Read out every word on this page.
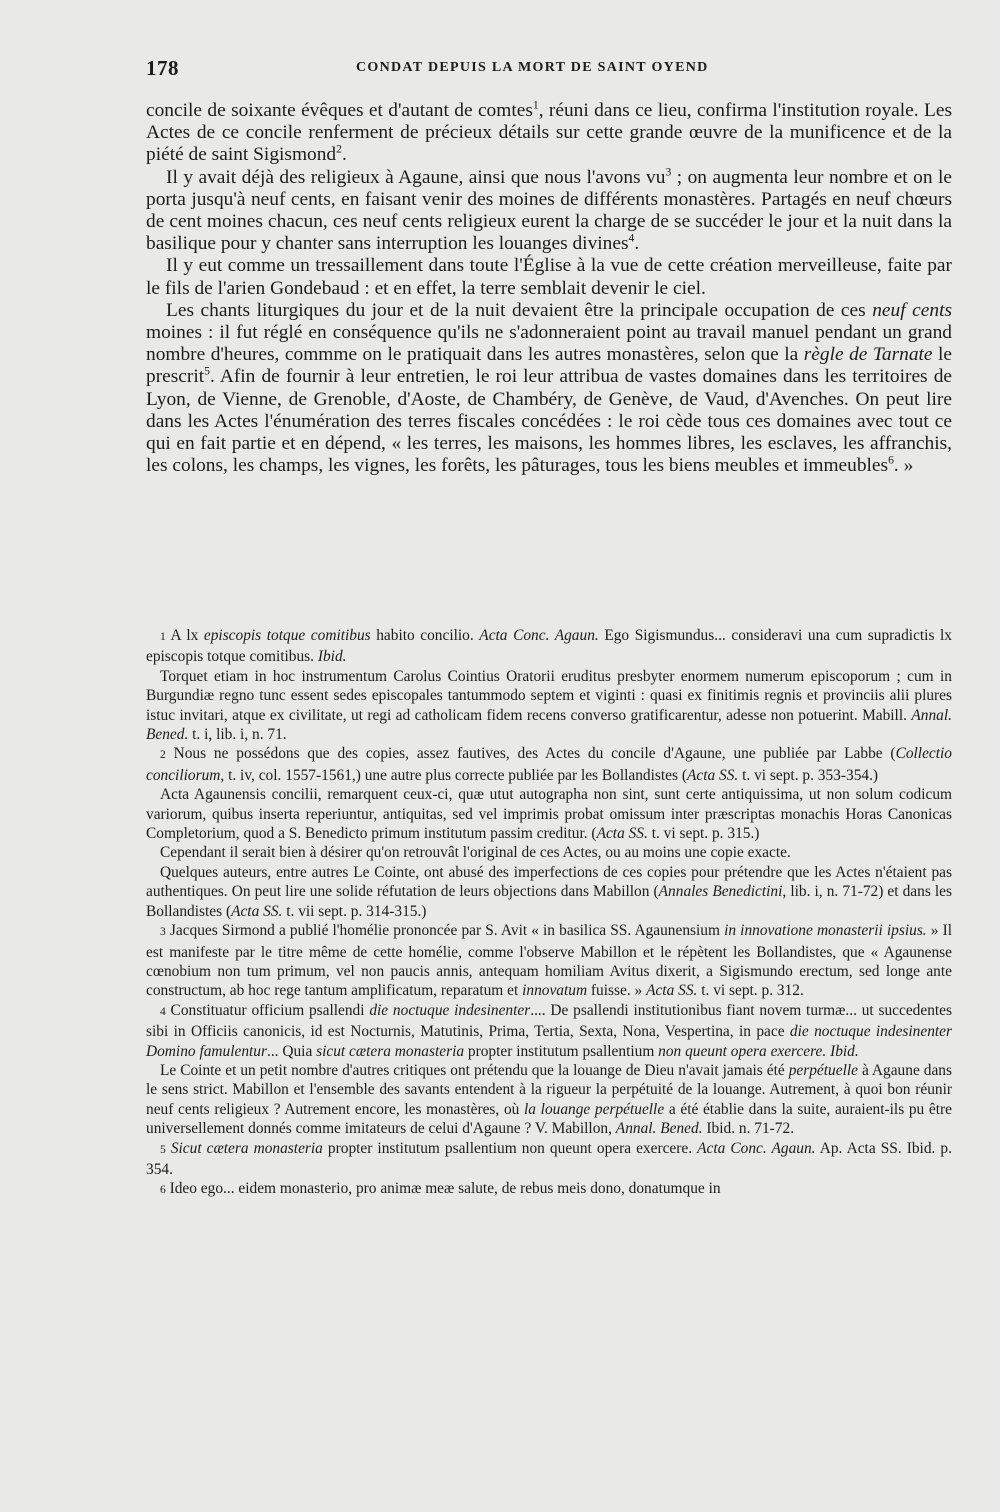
178	CONDAT DEPUIS LA MORT DE SAINT OYEND

concile de soixante évêques et d'autant de comtes$^1$, réuni dans ce lieu, confirma l'institution royale. Les Actes de ce concile renferment de précieux détails sur cette grande œuvre de la munificence et de la piété de saint Sigismond$^2$.

Il y avait déjà des religieux à Agaune, ainsi que nous l'avons $vu^3$ ; on augmenta leur nombre et on le porta jusqu'à neuf cents, en faisant venir des moines de différents monastères. Partagés en neuf chœurs de cent moines chacun, ces neuf cents religieux eurent la charge de se succéder le jour et la nuit dans la basilique pour y chanter sans interruption les louanges divines$^4$.

Il y eut comme un tressaillement dans toute l'Église à la vue de cette création merveilleuse, faite par le fils de l'arien Gondebaud : et en effet, la terre semblait devenir le ciel.

Les chants liturgiques du jour et de la nuit devaient être la principale occupation de ces neuf cents moines : il fut réglé en conséquence qu'ils ne s'adonneraient point au travail manuel pendant un grand nombre d'heures, commme on le pratiquait dans les autres monastères, selon que la règle de Tarnate le prescrit$^5$. Afin de fournir à leur entretien, le roi leur attribua de vastes domaines dans les territoires de Lyon, de Vienne, de Grenoble, d'Aoste, de Chambéry, de Genève, de Vaud, d'Avenches. On peut lire dans les Actes l'énumération des terres fiscales concédées : le roi cède tous ces domaines avec tout ce qui en fait partie et en dépend, « les terres, les maisons, les hommes libres, les esclaves, les affranchis, les colons, les champs, les vignes, les forêts, les pâturages, tous les biens meubles et immeubles$^6$. »

1 A lx episcopis totque comitibus habito concilio. Acta Conc. Agaun. Ego Sigismundus... consideravi una cum supradictis lx episcopis totque comitibus. Ibid.

Torquet etiam in hoc instrumentum Carolus Cointius Oratorii eruditus presbyter enormem numerum episcoporum ; cum in Burgundiæ regno tunc essent sedes episcopales tantummodo septem et viginti : quasi ex finitimis regnis et provinciis alii plures istuc invitari, atque ex civilitate, ut regi ad catholicam fidem recens converso gratificarentur, adesse non potuerint. Mabill. Annal. Bened. t. i, lib. i, n. 71.

2 Nous ne possédons que des copies, assez fautives, des Actes du concile d'Agaune, une publiée par Labbe (Collectio conciliorum, t. iv, col. 1557-1561,) une autre plus correcte publiée par les Bollandistes (Acta SS. t. vi sept. p. 353-354.)

Acta Agaunensis concilii, remarquent ceux-ci, quæ utut autographa non sint, sunt certe antiquissima, ut non solum codicum variorum, quibus inserta reperiuntur, antiquitas, sed vel imprimis probat omissum inter præscriptas monachis Horas Canonicas Completorium, quod a S. Benedicto primum institutum passim creditur. (Acta SS. t. vi sept. p. 315.)

Cependant il serait bien à désirer qu'on retrouvât l'original de ces Actes, ou au moins une copie exacte.

Quelques auteurs, entre autres Le Cointe, ont abusé des imperfections de ces copies pour prétendre que les Actes n'étaient pas authentiques. On peut lire une solide réfutation de leurs objections dans Mabillon (Annales Benedictini, lib. i, n. 71-72) et dans les Bollandistes (Acta SS. t. vii sept. p. 314-315.)

3 Jacques Sirmond a publié l'homélie prononcée par S. Avit « in basilica SS. Agaunensium in innovatione monasterii ipsius. » Il est manifeste par le titre même de cette homélie, comme l'observe Mabillon et le répètent les Bollandistes, que « Agaunense cœnobium non tum primum, vel non paucis annis, antequam homiliam Avitus dixerit, a Sigismundo erectum, sed longe ante constructum, ab hoc rege tantum amplificatum, reparatum et innovatum fuisse. » Acta SS. t. vi sept. p. 312.

4 Constituatur officium psallendi die noctuque indesinenter.... De psallendi institutionibus fiant novem turmæ... ut succedentes sibi in Officiis canonicis, id est Nocturnis, Matutinis, Prima, Tertia, Sexta, Nona, Vespertina, in pace die noctuque indesinenter Domino famulentur... Quia sicut cætera monasteria propter institutum psallentium non queunt opera exercere. Ibid.

Le Cointe et un petit nombre d'autres critiques ont prétendu que la louange de Dieu n'avait jamais été perpétuelle à Agaune dans le sens strict. Mabillon et l'ensemble des savants entendent à la rigueur la perpétuité de la louange. Autrement, à quoi bon réunir neuf cents religieux ? Autrement encore, les monastères, où la louange perpétuelle a été établie dans la suite, auraient-ils pu être universellement donnés comme imitateurs de celui d'Agaune ? V. Mabillon, Annal. Bened. Ibid. n. 71-72.

5 Sicut cætera monasteria propter institutum psallentium non queunt opera exercere. Acta Conc. Agaun. Ap. Acta SS. Ibid. p. 354.

6 Ideo ego... eidem monasterio, pro animæ meæ salute, de rebus meis dono, donatumque in
